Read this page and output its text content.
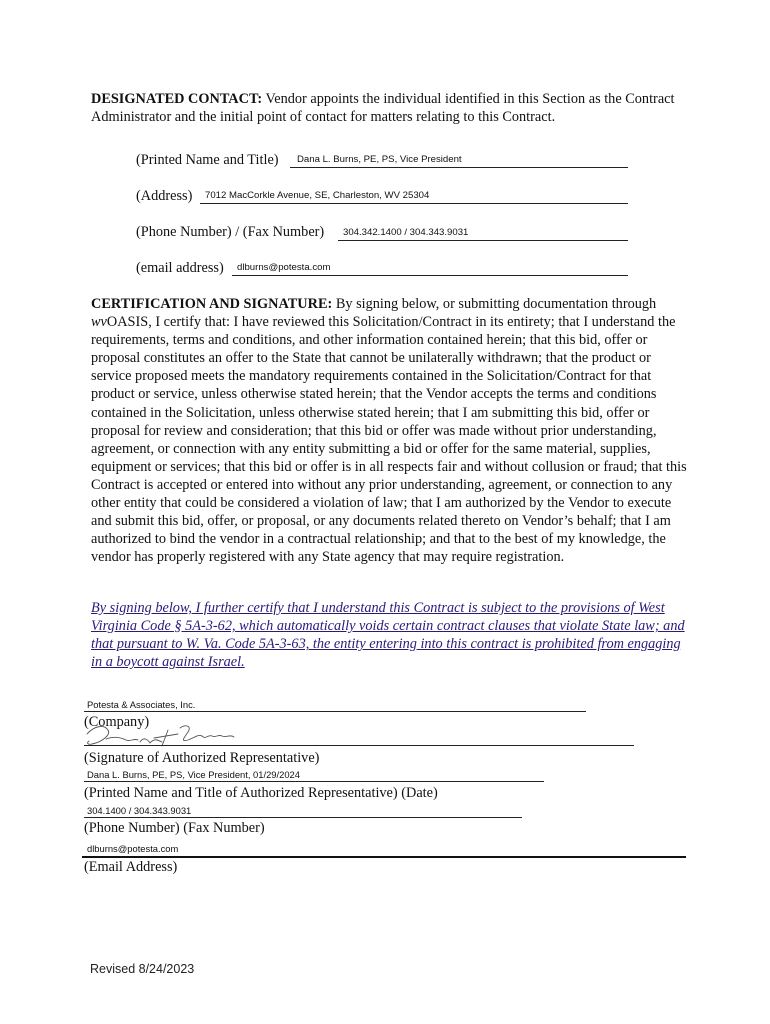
DESIGNATED CONTACT: Vendor appoints the individual identified in this Section as the Contract Administrator and the initial point of contact for matters relating to this Contract.
(Printed Name and Title) Dana L. Burns, PE, PS, Vice President
(Address) 7012 MacCorkle Avenue, SE, Charleston, WV 25304
(Phone Number) / (Fax Number) 304.342.1400 / 304.343.9031
(email address) dlburns@potesta.com
CERTIFICATION AND SIGNATURE: By signing below, or submitting documentation through wvOASIS, I certify that: I have reviewed this Solicitation/Contract in its entirety; that I understand the requirements, terms and conditions, and other information contained herein; that this bid, offer or proposal constitutes an offer to the State that cannot be unilaterally withdrawn; that the product or service proposed meets the mandatory requirements contained in the Solicitation/Contract for that product or service, unless otherwise stated herein; that the Vendor accepts the terms and conditions contained in the Solicitation, unless otherwise stated herein; that I am submitting this bid, offer or proposal for review and consideration; that this bid or offer was made without prior understanding, agreement, or connection with any entity submitting a bid or offer for the same material, supplies, equipment or services; that this bid or offer is in all respects fair and without collusion or fraud; that this Contract is accepted or entered into without any prior understanding, agreement, or connection to any other entity that could be considered a violation of law; that I am authorized by the Vendor to execute and submit this bid, offer, or proposal, or any documents related thereto on Vendor’s behalf; that I am authorized to bind the vendor in a contractual relationship; and that to the best of my knowledge, the vendor has properly registered with any State agency that may require registration.
By signing below, I further certify that I understand this Contract is subject to the provisions of West Virginia Code § 5A-3-62, which automatically voids certain contract clauses that violate State law; and that pursuant to W. Va. Code 5A-3-63, the entity entering into this contract is prohibited from engaging in a boycott against Israel.
Potesta & Associates, Inc.
(Company)
(Signature of Authorized Representative)
Dana L. Burns, PE, PS, Vice President, 01/29/2024
(Printed Name and Title of Authorized Representative) (Date)
304.1400 / 304.343.9031
(Phone Number) (Fax Number)
dlburns@potesta.com
(Email Address)
Revised 8/24/2023
